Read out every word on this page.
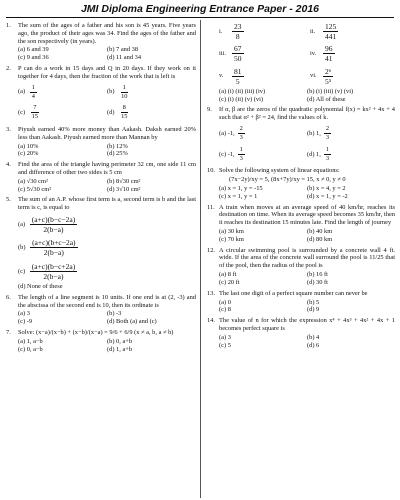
JMI Diploma Engineering Entrance Paper - 2016
1. The sum of the ages of a father and his son is 45 years. Five years ago, the product of their ages was 34. Find the ages of the father and the son respectively (in years).
(a) 6 and 39	(b) 7 and 38
(c) 9 and 36	(d) 11 and 34
2. P can do a work in 15 days and Q in 20 days. If they work on it together for 4 days, then the fraction of the work that is left is
$(a) \frac{1}{4}$	$(b) \frac{1}{10}$
$(c) \frac{7}{15}$	$(d) \frac{8}{15}$
3. Piyush earned 40% more money than Aakash. Daksh earned 20% less than Aakash. Piyush earned more than Mannan by
(a) 10%	(b) 12%
(c) 20%	(d) 25%
4. Find the area of the triangle having perimeter 32 cm, one side 11 cm and difference of other two sides is 5 cm
(a) √30 cm²	(b) 8√30 cm²
(c) 5√30 cm²	(d) 3√10 cm²
5. The sum of an A.P. whose first term is a, second term is b and the last term is c, is equal to
$(a) \frac{(a+c)(b-c-2a)}{2(b-a)}$
$(b) \frac{(a+c)(b+c-2a)}{2(b-a)}$
$(c) \frac{(a+c)(b-c+2a)}{2(b-a)}$
(d) None of these
6. The length of a line segment is 10 units. If one end is at (2, -3) and the abscissa of the second end is 10, then its ordinate is
(a) 3	(b) -3
(c) -9	(d) Both (a) and (c)
7. Solve: (x−a)/(x−b) + (x−b)/(x−a) = 9/6 + 6/9 (x ≠ a, b, a ≠ b)
(a) 1, a−b	(b) 0, a+b
(c) 0, a−b	(d) 1, a+b
i.	$\frac{23}{8}$	ii.	$\frac{125}{441}$
iii. $\frac{67}{50}$	iv. $\frac{96}{41}$
v.	$\frac{81}{5}$	vi. $\frac{\text{2⁶}}{\text{5⁵}}$
(a) (i) (ii) (iii) (iv)	(b) (i) (iii) (v) (vi)
(c) (i) (ii) (v) (vi)	(d) All of these
9. If α, β are the zeros of the quadratic polynomial f(x) = kx² + 4x + 4 such that α² + β² = 24, find the values of k.
(a) -1, $\frac{2}{3}$	(b) 1, $\frac{2}{3}$
(c) -1, $\frac{1}{3}$	(d) 1, $\frac{1}{3}$
10. Solve the following system of linear equations:
(7x−2y)/xy = 5, (8x+7y)/xy = 15, x ≠ 0, y ≠ 0
(a) x = 1, y = -15	(b) x = 4, y = 2
(c) x = 1, y = 1	(d) x = 1, y = -2
11. A train when moves at an average speed of 40 km/hr, reaches its destination on time. When its average speed becomes 35 km/hr, then it reaches its destination 15 minutes late. Find the length of journey
(a) 30 km	(b) 40 km
(c) 70 km	(d) 80 km
12. A circular swimming pool is surrounded by a concrete wall 4 ft. wide. If the area of the concrete wall surround the pool is 11/25 that of the pool, then the radius of the pool is
(a) 8 ft	(b) 16 ft
(c) 20 ft	(d) 30 ft
13. The last one digit of a perfect square number can never be
(a) 0	(b) 5
(c) 8	(d) 9
14. The value of n for which the expression x⁴ + 4x³ + 4x² + 4x + 1 becomes perfect square is
(a) 3	(b) 4
(c) 5	(d) 6
